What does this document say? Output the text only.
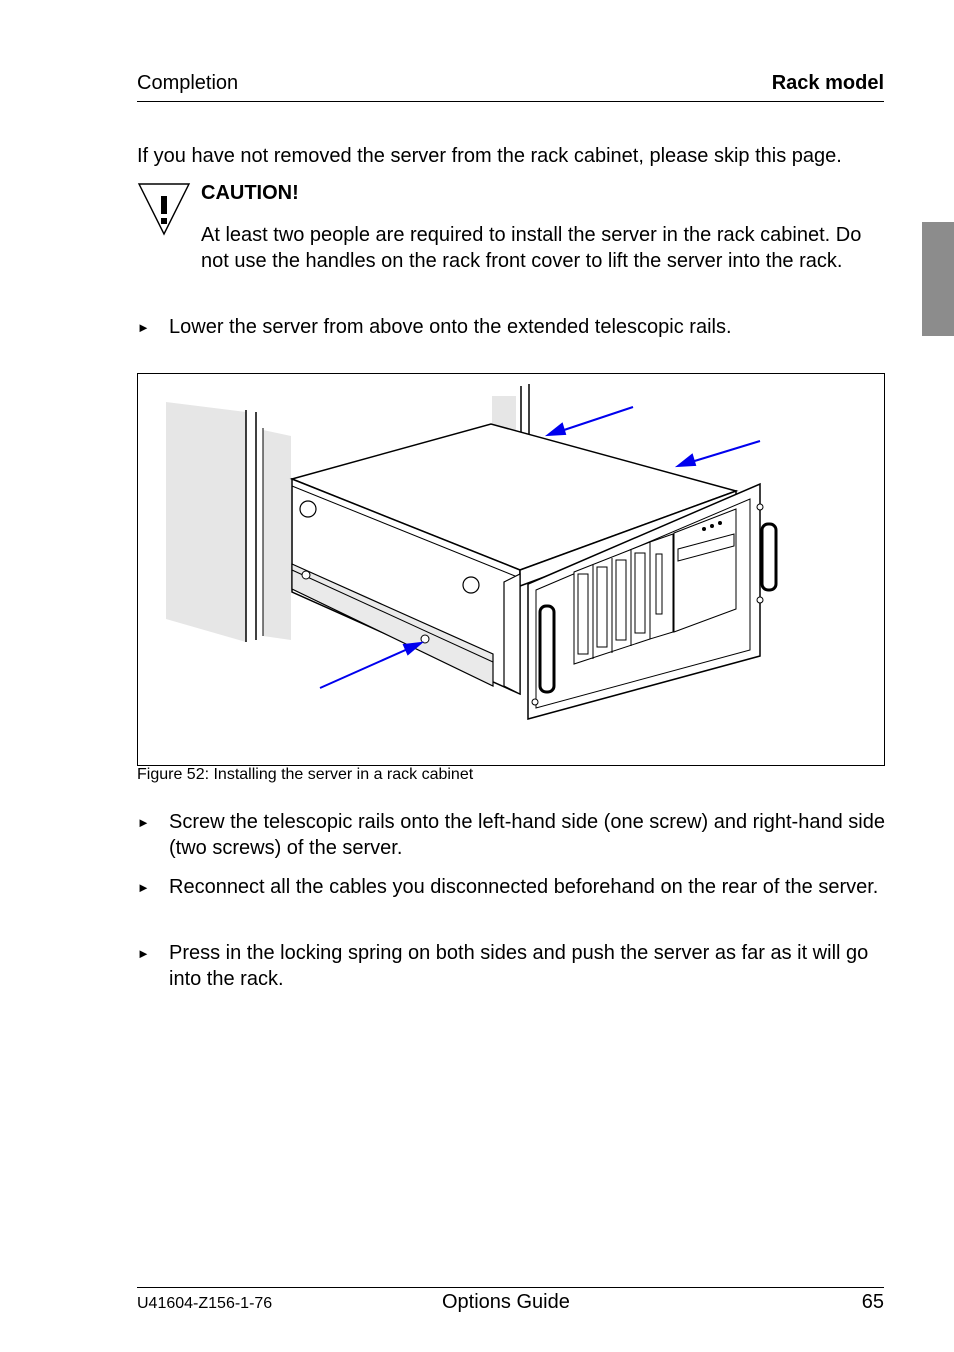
Completion	Rack model
If you have not removed the server from the rack cabinet, please skip this page.
CAUTION!
At least two people are required to install the server in the rack cabinet. Do not use the handles on the rack front cover to lift the server into the rack.
► Lower the server from above onto the extended telescopic rails.
Figure 52: Installing the server in a rack cabinet
► Screw the telescopic rails onto the left-hand side (one screw) and right-hand side (two screws) of the server.
► Reconnect all the cables you disconnected beforehand on the rear of the server.
► Press in the locking spring on both sides and push the server as far as it will go into the rack.
U41604-Z156-1-76	Options Guide	65
